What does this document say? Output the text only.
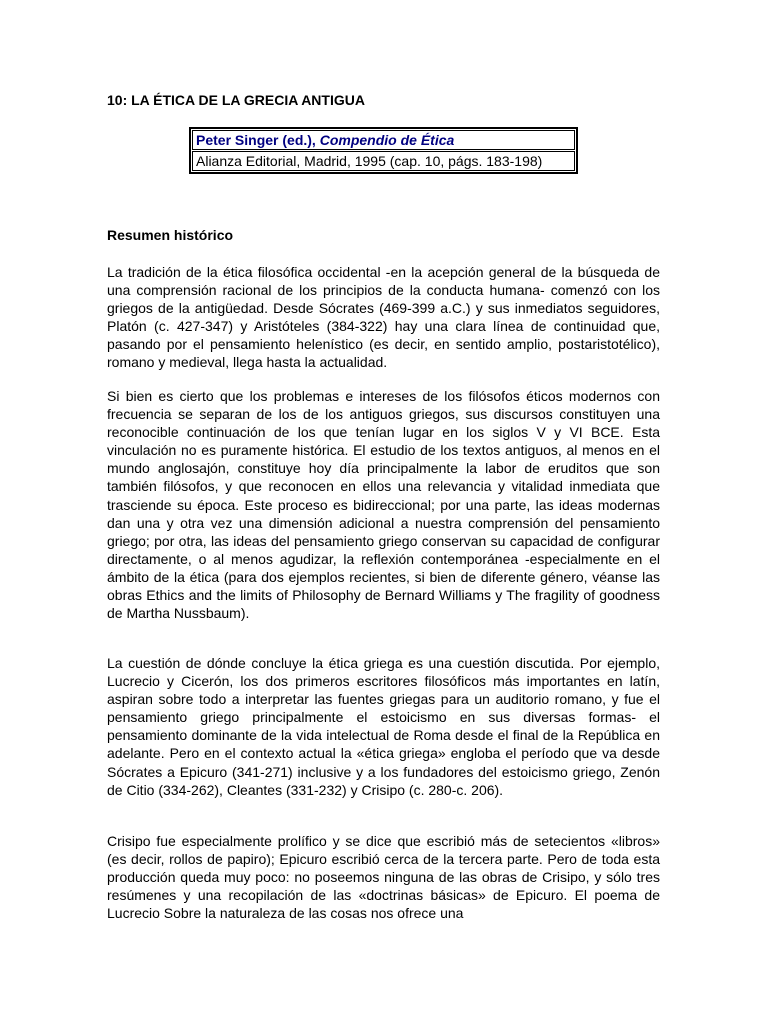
10: LA ÉTICA DE LA GRECIA ANTIGUA
Peter Singer (ed.), Compendio de Ética
Alianza Editorial, Madrid, 1995 (cap. 10, págs. 183-198)
Resumen histórico

La tradición de la ética filosófica occidental -en la acepción general de la búsqueda de una comprensión racional de los principios de la conducta humana- comenzó con los griegos de la antigüedad. Desde Sócrates (469-399 a.C.) y sus inmediatos seguidores, Platón (c. 427-347) y Aristóteles (384-322) hay una clara línea de continuidad que, pasando por el pensamiento helenístico (es decir, en sentido amplio, postaristotélico), romano y medieval, llega hasta la actualidad.

Si bien es cierto que los problemas e intereses de los filósofos éticos modernos con frecuencia se separan de los de los antiguos griegos, sus discursos constituyen una reconocible continuación de los que tenían lugar en los siglos V y VI BCE. Esta vinculación no es puramente histórica. El estudio de los textos antiguos, al menos en el mundo anglosajón, constituye hoy día principalmente la labor de eruditos que son también filósofos, y que reconocen en ellos una relevancia y vitalidad inmediata que trasciende su época. Este proceso es bidireccional; por una parte, las ideas modernas dan una y otra vez una dimensión adicional a nuestra comprensión del pensamiento griego; por otra, las ideas del pensamiento griego conservan su capacidad de configurar directamente, o al menos agudizar, la reflexión contemporánea -especialmente en el ámbito de la ética (para dos ejemplos recientes, si bien de diferente género, véanse las obras Ethics and the limits of Philosophy de Bernard Williams y The fragility of goodness de Martha Nussbaum).

La cuestión de dónde concluye la ética griega es una cuestión discutida. Por ejemplo, Lucrecio y Cicerón, los dos primeros escritores filosóficos más importantes en latín, aspiran sobre todo a interpretar las fuentes griegas para un auditorio romano, y fue el pensamiento griego principalmente el estoicismo en sus diversas formas- el pensamiento dominante de la vida intelectual de Roma desde el final de la República en adelante. Pero en el contexto actual la «ética griega» engloba el período que va desde Sócrates a Epicuro (341-271) inclusive y a los fundadores del estoicismo griego, Zenón de Citio (334-262), Cleantes (331-232) y Crisipo (c. 280-c. 206).

Crisipo fue especialmente prolífico y se dice que escribió más de setecientos «libros» (es decir, rollos de papiro); Epicuro escribió cerca de la tercera parte. Pero de toda esta producción queda muy poco: no poseemos ninguna de las obras de Crisipo, y sólo tres resúmenes y una recopilación de las «doctrinas básicas» de Epicuro. El poema de Lucrecio Sobre la naturaleza de las cosas nos ofrece una
